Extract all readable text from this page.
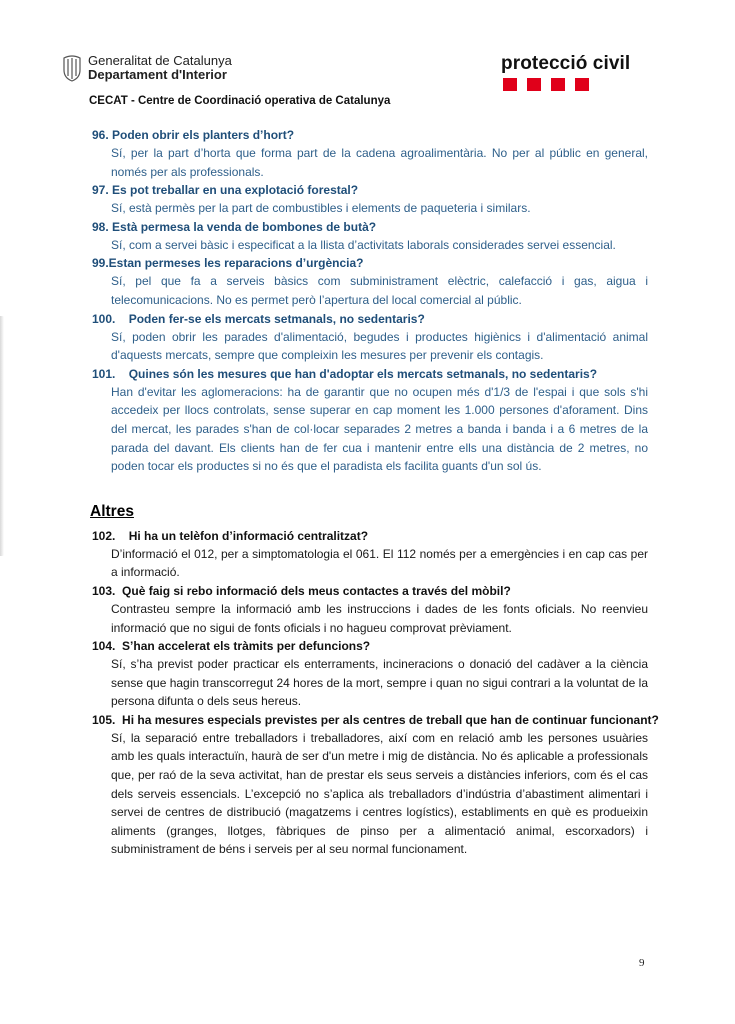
Generalitat de Catalunya
Departament d'Interior
protecció civil
CECAT - Centre de Coordinació operativa de Catalunya
96. Poden obrir els planters d’hort?
Sí, per la part d’horta que forma part de la cadena agroalimentària. No per al públic en general, només per als professionals.
97. Es pot treballar en una explotació forestal?
Sí, està permès per la part de combustibles i elements de paqueteria i similars.
98. Està permesa la venda de bombones de butà?
Sí, com a servei bàsic i especificat a la llista d’activitats laborals considerades servei essencial.
99.Estan permeses les reparacions d’urgència?
Sí, pel que fa a serveis bàsics com subministrament elèctric, calefacció i gas, aigua i telecomunicacions. No es permet però l’apertura del local comercial al públic.
100.    Poden fer-se els mercats setmanals, no sedentaris?
Sí, poden obrir les parades d'alimentació, begudes i productes higiènics i d'alimentació animal d'aquests mercats, sempre que compleixin les mesures per prevenir els contagis.
101.    Quines són les mesures que han d'adoptar els mercats setmanals, no sedentaris?
Han d'evitar les aglomeracions: ha de garantir que no ocupen més d'1/3 de l'espai i que sols s'hi accedeix per llocs controlats, sense superar en cap moment les 1.000 persones d'aforament. Dins del mercat, les parades s'han de col·locar separades 2 metres a banda i banda i a 6 metres de la parada del davant. Els clients han de fer cua i mantenir entre ells una distància de 2 metres, no poden tocar els productes si no és que el paradista els facilita guants d'un sol ús.
Altres
102.    Hi ha un telèfon d’informació centralitzat?
D’informació el 012, per a simptomatologia el 061. El 112 només per a emergències i en cap cas per a informació.
103.  Què faig si rebo informació dels meus contactes a través del mòbil?
Contrasteu sempre la informació amb les instruccions i dades de les fonts oficials. No reenvieu informació que no sigui de fonts oficials i no hagueu comprovat prèviament.
104.  S’han accelerat els tràmits per defuncions?
Sí, s’ha previst poder practicar els enterraments, incineracions o donació del cadàver a la ciència sense que hagin transcorregut 24 hores de la mort, sempre i quan no sigui contrari a la voluntat de la persona difunta o dels seus hereus.
105.  Hi ha mesures especials previstes per als centres de treball que han de continuar funcionant?
Sí, la separació entre treballadors i treballadores, així com en relació amb les persones usuàries amb les quals interactuïn, haurà de ser d'un metre i mig de distància. No és aplicable a professionals que, per raó de la seva activitat, han de prestar els seus serveis a distàncies inferiors, com és el cas dels serveis essencials. L’excepció no s’aplica als treballadors d’indústria d’abastiment alimentari i servei de centres de distribució (magatzems i centres logístics), establiments en què es produeixin aliments (granges, llotges, fàbriques de pinso per a alimentació animal, escorxadors) i subministrament de béns i serveis per al seu normal funcionament.
9
